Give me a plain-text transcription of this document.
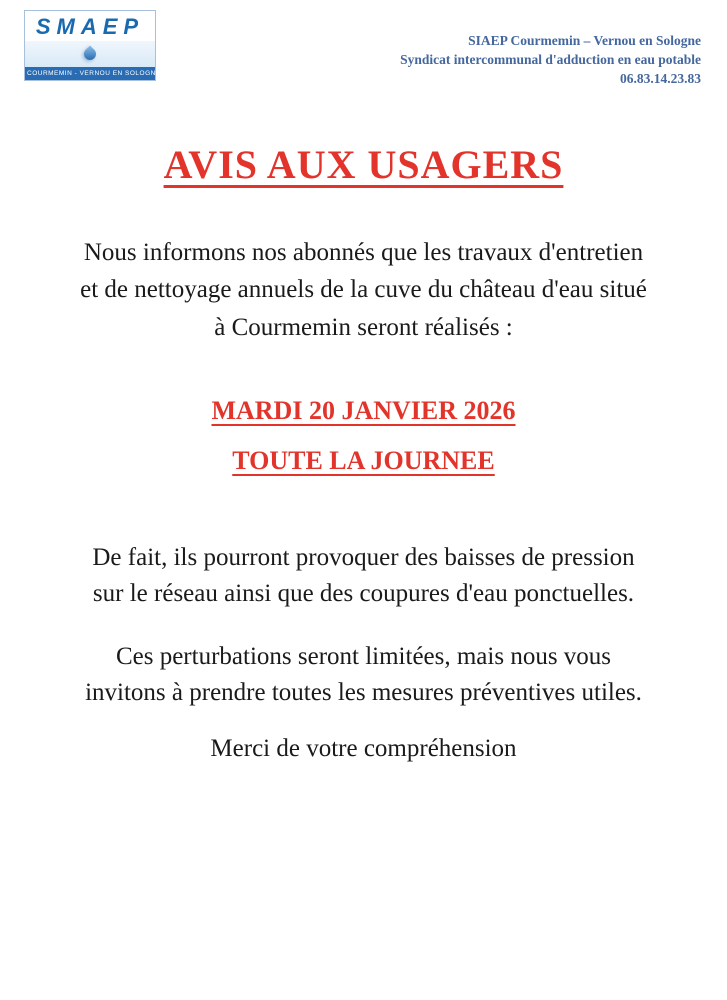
SMAEP
COURMEMIN - VERNOU EN SOLOGNE
SIAEP Courmemin – Vernou en Sologne
Syndicat intercommunal d'adduction en eau potable
06.83.14.23.83
AVIS AUX USAGERS

Nous informons nos abonnés que les travaux d'entretien et de nettoyage annuels de la cuve du château d'eau situé à Courmemin seront réalisés :

MARDI 20 JANVIER 2026
TOUTE LA JOURNEE

De fait, ils pourront provoquer des baisses de pression sur le réseau ainsi que des coupures d'eau ponctuelles.

Ces perturbations seront limitées, mais nous vous invitons à prendre toutes les mesures préventives utiles.

Merci de votre compréhension
